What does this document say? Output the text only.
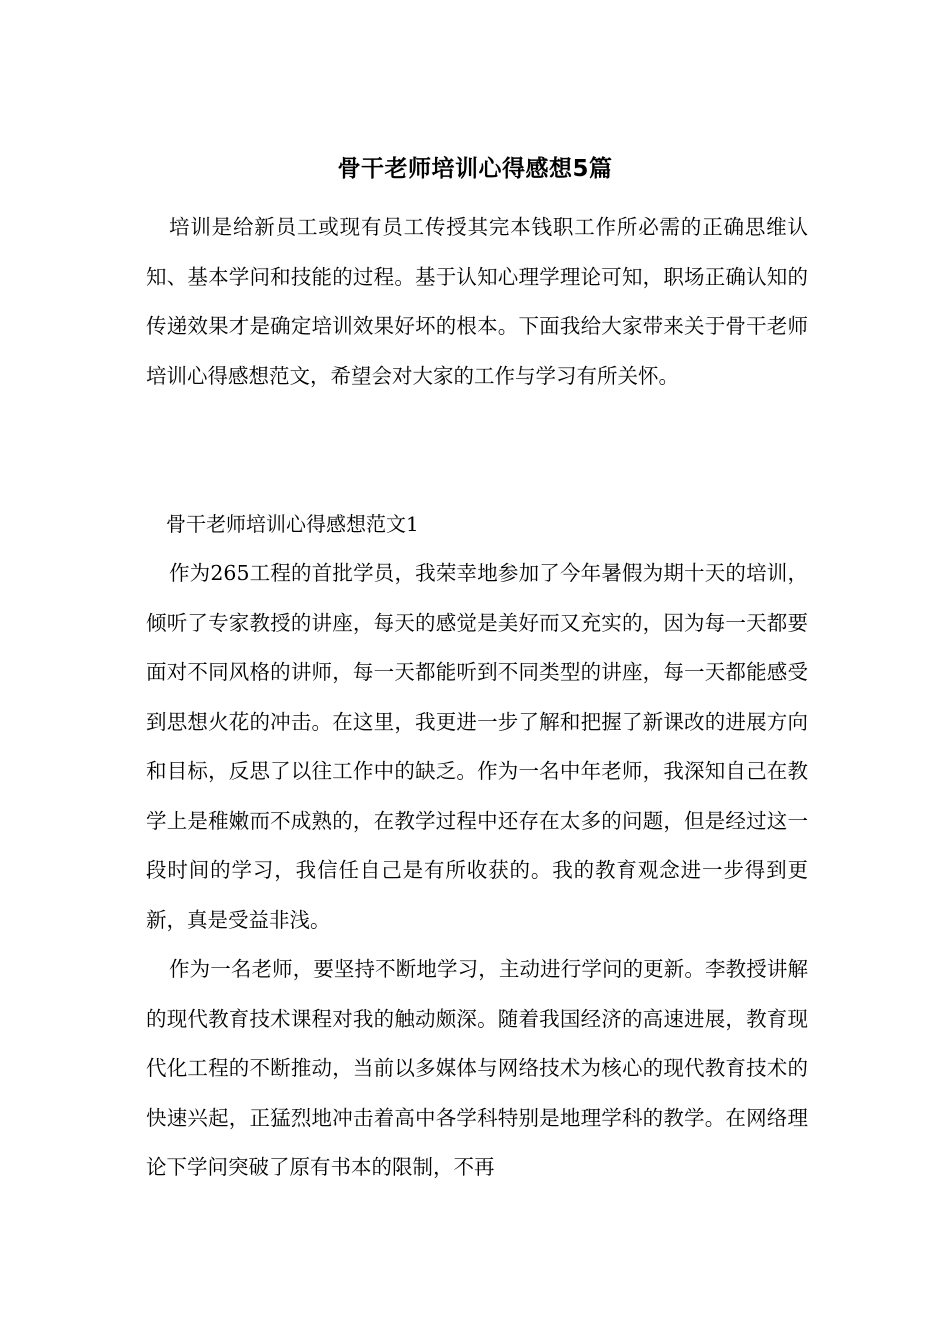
骨干老师培训心得感想5篇

培训是给新员工或现有员工传授其完本钱职工作所必需的正确思维认知、基本学问和技能的过程。基于认知心理学理论可知，职场正确认知的传递效果才是确定培训效果好坏的根本。下面我给大家带来关于骨干老师培训心得感想范文，希望会对大家的工作与学习有所关怀。

骨干老师培训心得感想范文1

作为265工程的首批学员，我荣幸地参加了今年暑假为期十天的培训，倾听了专家教授的讲座，每天的感觉是美好而又充实的，因为每一天都要面对不同风格的讲师，每一天都能听到不同类型的讲座，每一天都能感受到思想火花的冲击。在这里，我更进一步了解和把握了新课改的进展方向和目标，反思了以往工作中的缺乏。作为一名中年老师，我深知自己在教学上是稚嫩而不成熟的，在教学过程中还存在太多的问题，但是经过这一段时间的学习，我信任自己是有所收获的。我的教育观念进一步得到更新，真是受益非浅。

作为一名老师，要坚持不断地学习，主动进行学问的更新。李教授讲解的现代教育技术课程对我的触动颇深。随着我国经济的高速进展，教育现代化工程的不断推动，当前以多媒体与网络技术为核心的现代教育技术的快速兴起，正猛烈地冲击着高中各学科特别是地理学科的教学。在网络理论下学问突破了原有书本的限制，不再
